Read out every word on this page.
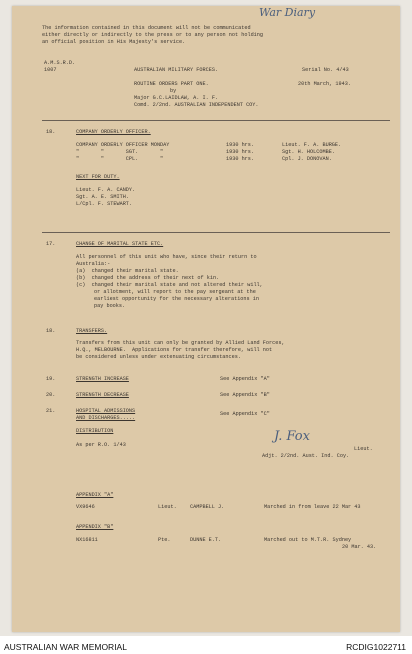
War Diary
The information contained in this document will not be communicated
either directly or indirectly to the press or to any person not holding
an official position in His Majesty's service.
A.M.S.R.D.
1007	AUSTRALIAN MILITARY FORCES.	Serial No. 4/43
ROUTINE ORDERS PART ONE.	20th March, 1943.
by
Major G.C.LAIDLAW, A. I. F.
Comd. 2/2nd. AUSTRALIAN INDEPENDENT COY.
18.	COMPANY ORDERLY OFFICER.
COMPANY ORDERLY OFFICER MONDAY	1930 hrs.	Lieut. F. A. BURGE.
"       "       SGT.       "	1930 hrs.	Sgt. H. HOLCOMBE.
"       "       CPL.       "	1930 hrs.	Cpl. J. DONOVAN.
NEXT FOR DUTY.
Lieut. F. A. CANDY.
Sgt. A. E. SMITH.
L/Cpl. F. STEWART.
17.	CHANGE OF MARITAL STATE ETC.
All personnel of this unit who have, since their return to
Australia:-
(a)  changed their marital state.
(b)  changed the address of their next of kin.
(c)  changed their marital state and not altered their will,
or allotment, will report to the pay sergeant at the
earliest opportunity for the necessary alterations in
pay books.
18.	TRANSFERS.
Transfers from this unit can only be granted by Allied Land Forces,
H.Q., MELBOURNE.  Applications for transfer therefore, will not
be considered unless under extenuating circumstances.
19.	STRENGTH INCREASE	See Appendix "A"
20.	STRENGTH DECREASE	See Appendix "B"
21.	HOSPITAL ADMISSIONS
AND DISCHARGES.....
See Appendix "C"
DISTRIBUTION
As per R.O. 1/43
J. Fox
Lieut.
Adjt. 2/2nd. Aust. Ind. Coy.
APPENDIX "A"
VX9646	Lieut.	CAMPBELL J.	Marched in from leave 22 Mar 43
APPENDIX "B"
NX16811	Pte.	DUNNE E.T.	Marched out to M.T.R. Sydney
20 Mar. 43.
AUSTRALIAN WAR MEMORIAL	RCDIG1022711
